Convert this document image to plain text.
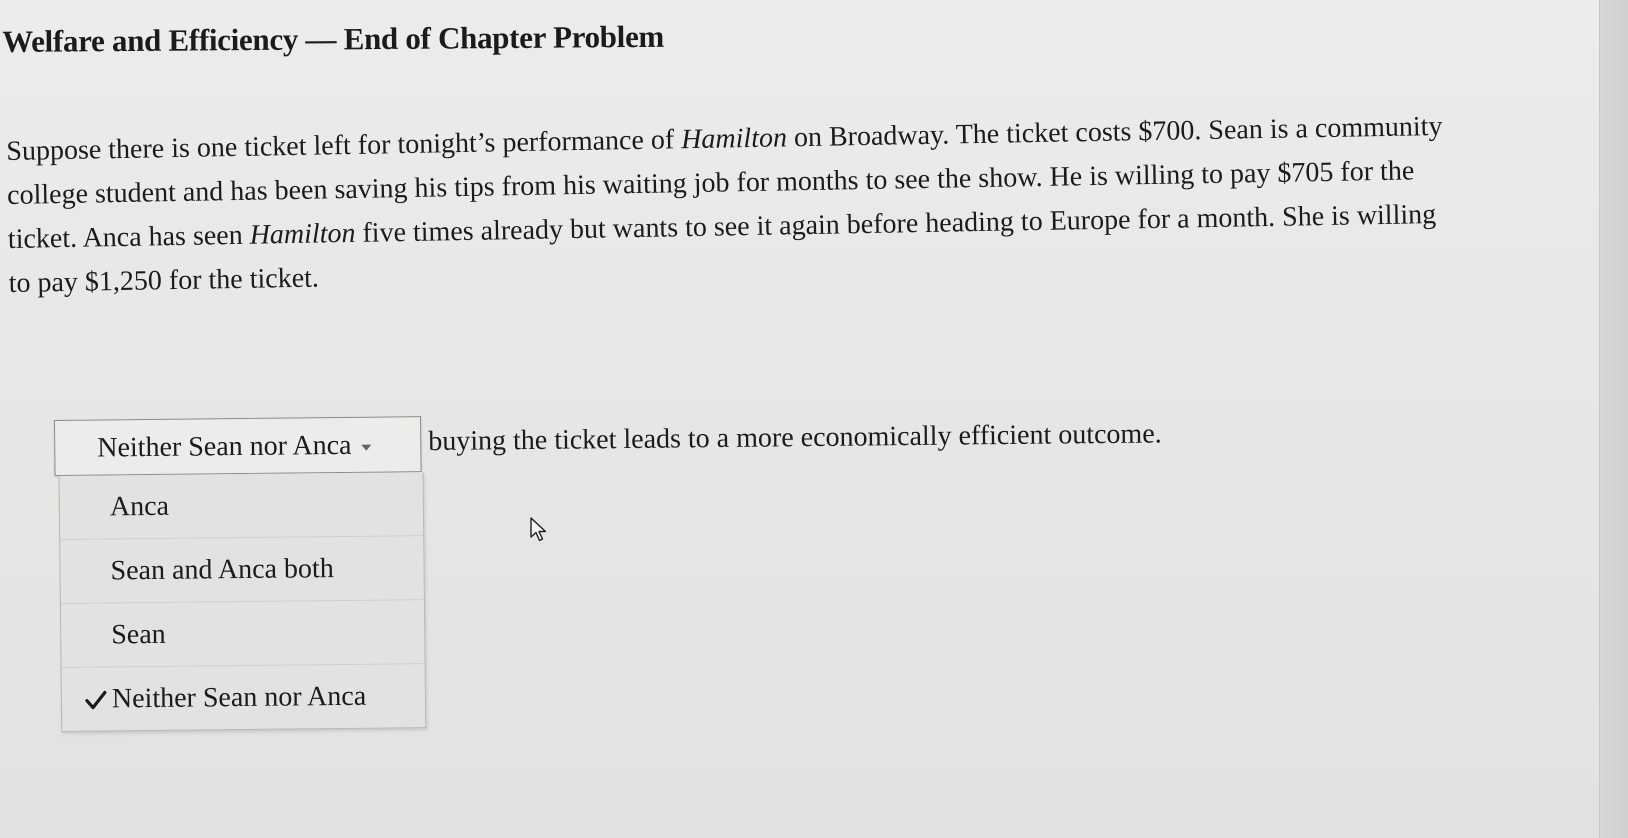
Welfare and Efficiency — End of Chapter Problem
Suppose there is one ticket left for tonight’s performance of Hamilton on Broadway. The ticket costs $700. Sean is a community
college student and has been saving his tips from his waiting job for months to see the show. He is willing to pay $705 for the
ticket. Anca has seen Hamilton five times already but wants to see it again before heading to Europe for a month. She is willing
to pay $1,250 for the ticket.
Neither Sean nor Anca	buying the ticket leads to a more economically efficient outcome.
Anca
Sean and Anca both
Sean
Neither Sean nor Anca
